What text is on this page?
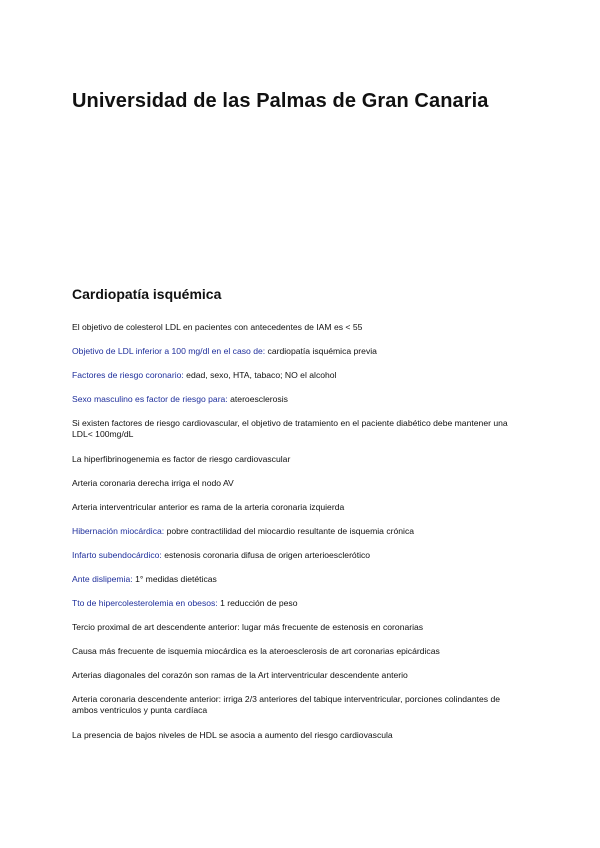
Universidad de las Palmas de Gran Canaria
Cardiopatía isquémica

El objetivo de colesterol LDL en pacientes con antecedentes de IAM es < 55

Objetivo de LDL inferior a 100 mg/dl en el caso de: cardiopatía isquémica previa

Factores de riesgo coronario: edad, sexo, HTA, tabaco; NO el alcohol

Sexo masculino es factor de riesgo para: ateroesclerosis

Si existen factores de riesgo cardiovascular, el objetivo de tratamiento en el paciente diabético debe mantener una LDL< 100mg/dL

La hiperfibrinogenemia es factor de riesgo cardiovascular

Arteria coronaria derecha irriga el nodo AV

Arteria interventricular anterior es rama de la arteria coronaria izquierda

Hibernación miocárdica: pobre contractilidad del miocardio resultante de isquemia crónica

Infarto subendocárdico: estenosis coronaria difusa de origen arterioesclerótico

Ante dislipemia: 1° medidas dietéticas

Tto de hipercolesterolemia en obesos: 1 reducción de peso

Tercio proximal de art descendente anterior: lugar más frecuente de estenosis en coronarias

Causa más frecuente de isquemia miocárdica es la ateroesclerosis de art coronarias epicárdicas

Arterias diagonales del corazón son ramas de la Art interventricular descendente anterio

Arteria coronaria descendente anterior: irriga 2/3 anteriores del tabique interventricular, porciones colindantes de ambos ventriculos y punta cardíaca

La presencia de bajos niveles de HDL se asocia a aumento del riesgo cardiovascula
